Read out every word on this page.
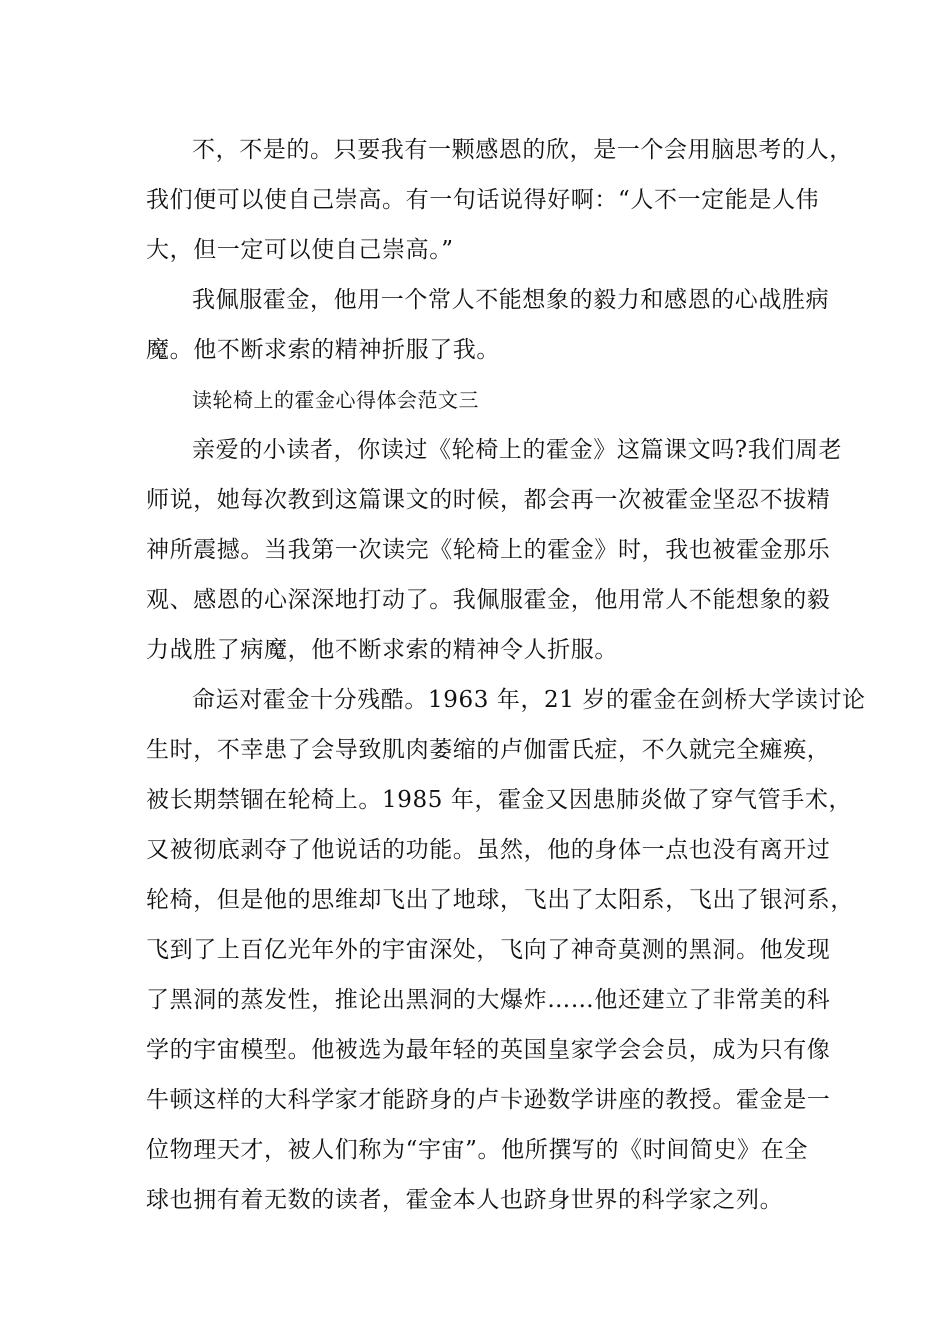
不，不是的。只要我有一颗感恩的欣，是一个会用脑思考的人，
我们便可以使自己崇高。有一句话说得好啊：“人不一定能是人伟
大，但一定可以使自己崇高。”
我佩服霍金，他用一个常人不能想象的毅力和感恩的心战胜病
魔。他不断求索的精神折服了我。
读轮椅上的霍金心得体会范文三
亲爱的小读者，你读过《轮椅上的霍金》这篇课文吗?我们周老
师说，她每次教到这篇课文的时候，都会再一次被霍金坚忍不拔精
神所震撼。当我第一次读完《轮椅上的霍金》时，我也被霍金那乐
观、感恩的心深深地打动了。我佩服霍金，他用常人不能想象的毅
力战胜了病魔，他不断求索的精神令人折服。
命运对霍金十分残酷。1963 年，21 岁的霍金在剑桥大学读讨论
生时，不幸患了会导致肌肉萎缩的卢伽雷氏症，不久就完全瘫痪，
被长期禁锢在轮椅上。1985 年，霍金又因患肺炎做了穿气管手术，
又被彻底剥夺了他说话的功能。虽然，他的身体一点也没有离开过
轮椅，但是他的思维却飞出了地球，飞出了太阳系，飞出了银河系，
飞到了上百亿光年外的宇宙深处，飞向了神奇莫测的黑洞。他发现
了黑洞的蒸发性，推论出黑洞的大爆炸……他还建立了非常美的科
学的宇宙模型。他被选为最年轻的英国皇家学会会员，成为只有像
牛顿这样的大科学家才能跻身的卢卡逊数学讲座的教授。霍金是一
位物理天才，被人们称为“宇宙”。他所撰写的《时间简史》在全
球也拥有着无数的读者，霍金本人也跻身世界的科学家之列。
